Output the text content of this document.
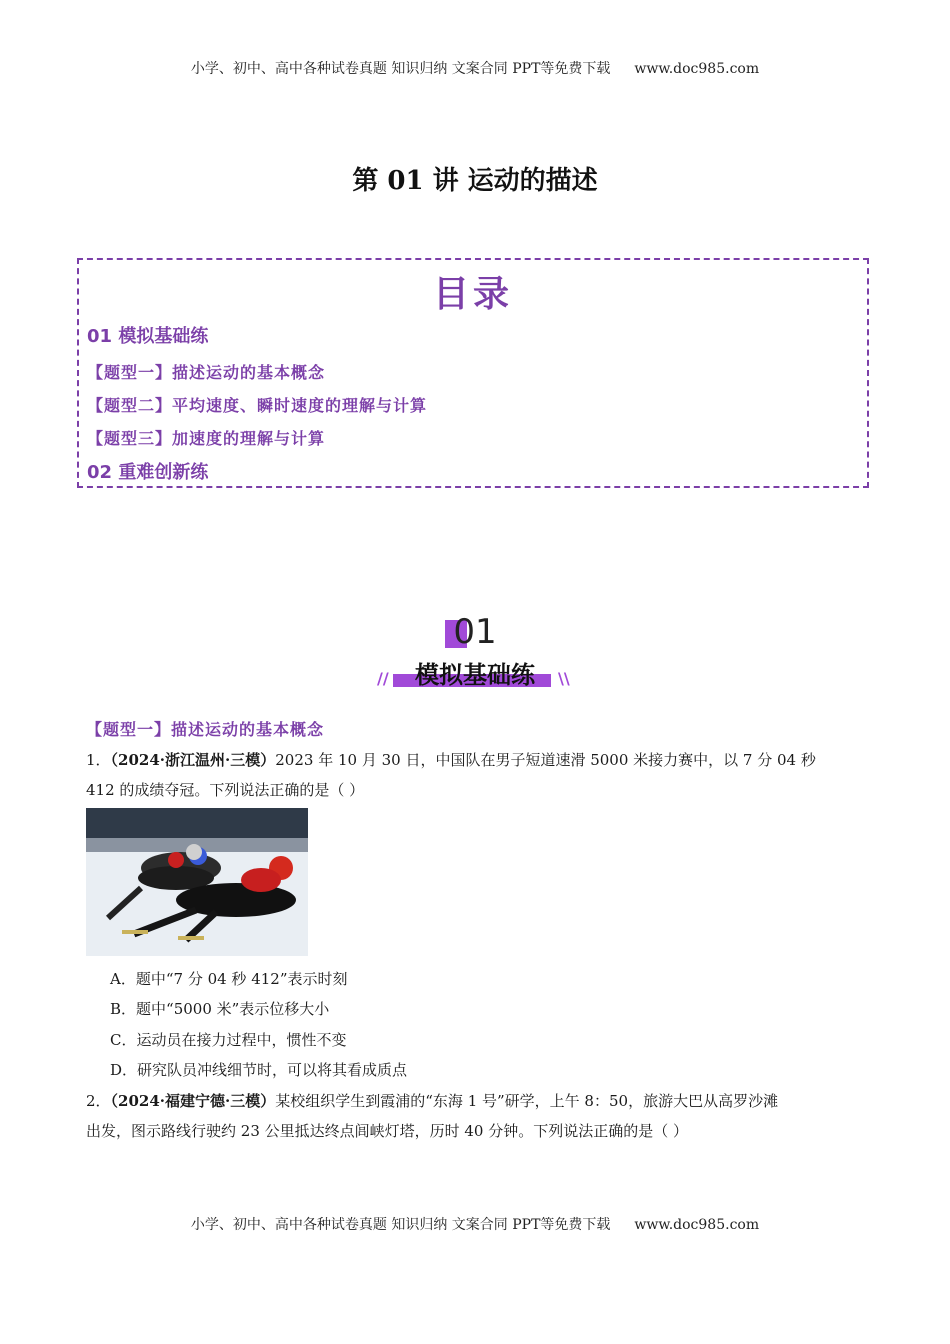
小学、初中、高中各种试卷真题 知识归纳 文案合同 PPT等免费下载 www.doc985.com
第 01 讲 运动的描述
目录
01 模拟基础练
【题型一】描述运动的基本概念
【题型二】平均速度、瞬时速度的理解与计算
【题型三】加速度的理解与计算
02 重难创新练
01
模拟基础练
//	\\
【题型一】描述运动的基本概念
1．（2024·浙江温州·三模）2023 年 10 月 30 日，中国队在男子短道速滑 5000 米接力赛中，以 7 分 04 秒
412 的成绩夺冠。下列说法正确的是（ ）
A．题中“7 分 04 秒 412”表示时刻
B．题中“5000 米”表示位移大小
C．运动员在接力过程中，惯性不变
D．研究队员冲线细节时，可以将其看成质点
2．（2024·福建宁德·三模）某校组织学生到霞浦的“东海 1 号”研学，上午 8：50，旅游大巴从高罗沙滩
出发，图示路线行驶约 23 公里抵达终点闾峡灯塔，历时 40 分钟。下列说法正确的是（ ）
小学、初中、高中各种试卷真题 知识归纳 文案合同 PPT等免费下载 www.doc985.com
